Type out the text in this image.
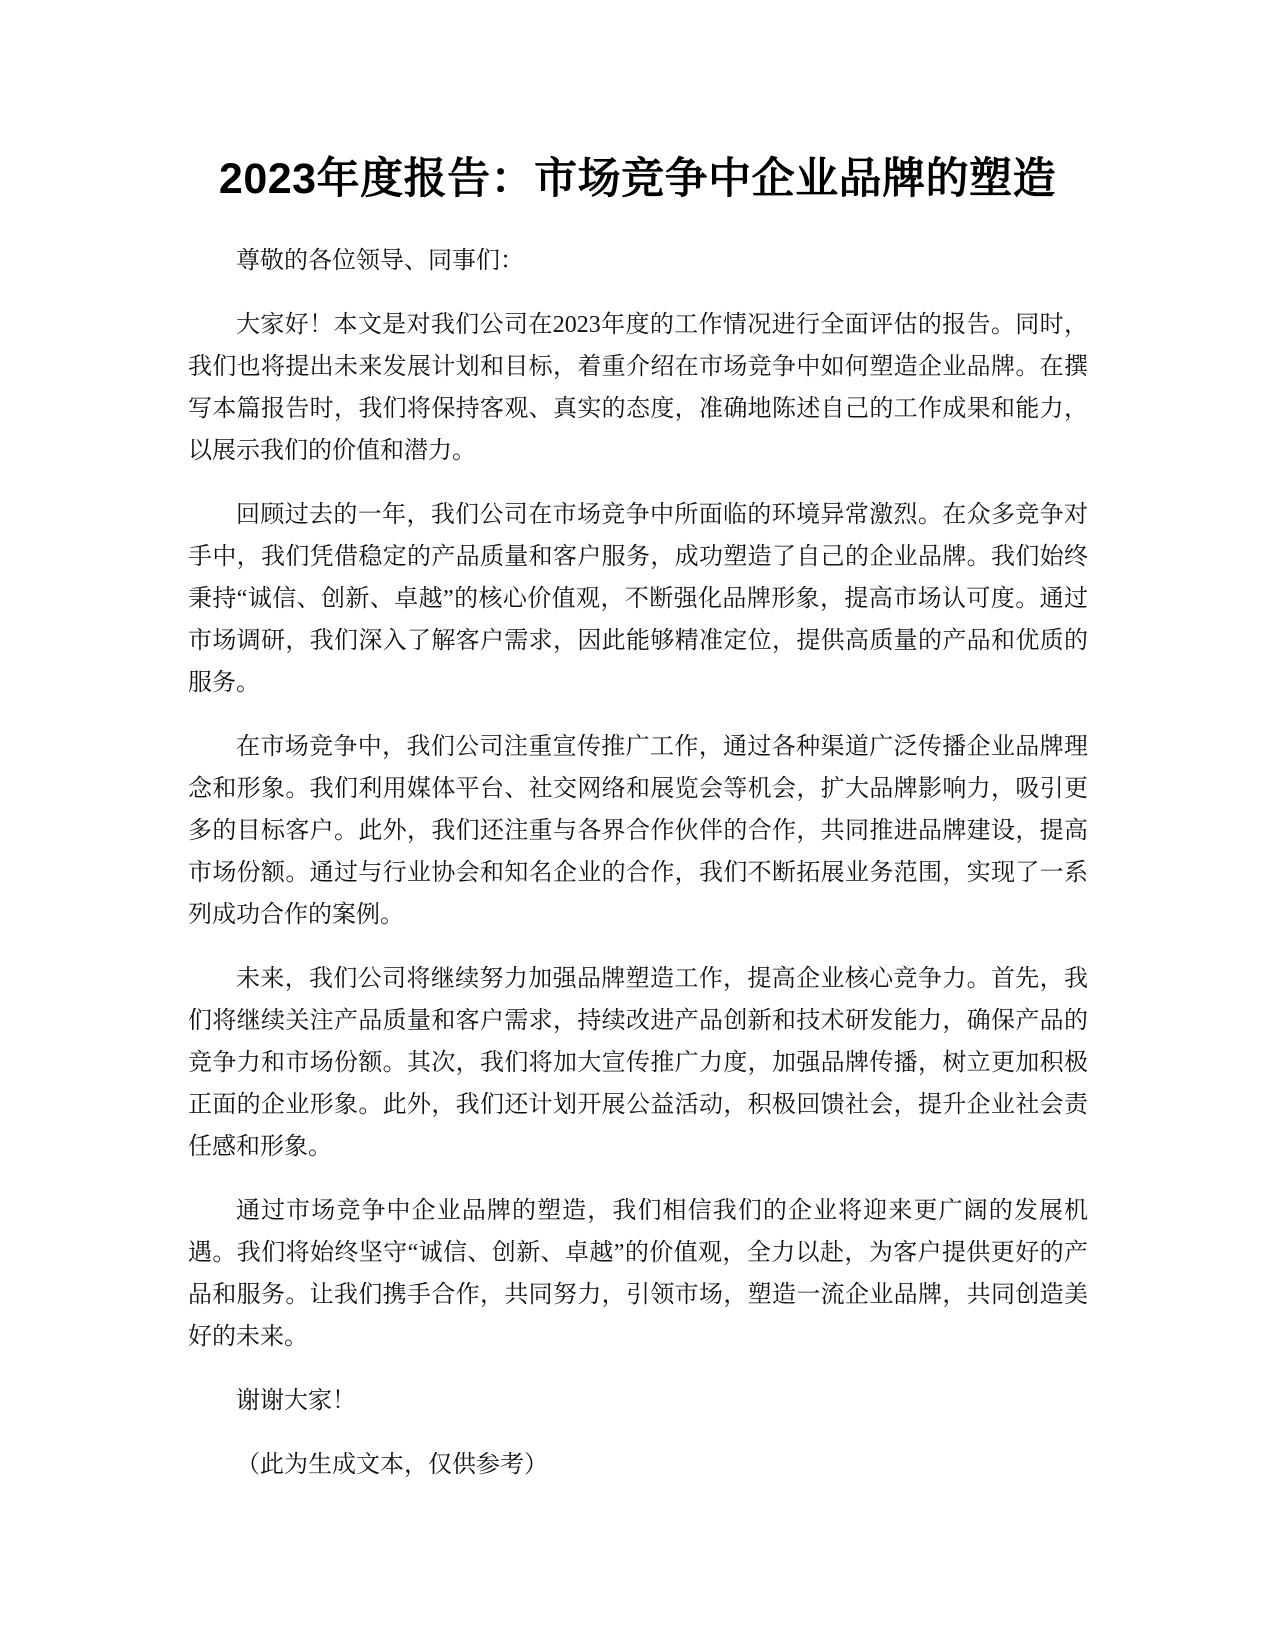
2023年度报告：市场竞争中企业品牌的塑造

尊敬的各位领导、同事们：

大家好！本文是对我们公司在2023年度的工作情况进行全面评估的报告。同时，我们也将提出未来发展计划和目标，着重介绍在市场竞争中如何塑造企业品牌。在撰写本篇报告时，我们将保持客观、真实的态度，准确地陈述自己的工作成果和能力，以展示我们的价值和潜力。

回顾过去的一年，我们公司在市场竞争中所面临的环境异常激烈。在众多竞争对手中，我们凭借稳定的产品质量和客户服务，成功塑造了自己的企业品牌。我们始终秉持“诚信、创新、卓越”的核心价值观，不断强化品牌形象，提高市场认可度。通过市场调研，我们深入了解客户需求，因此能够精准定位，提供高质量的产品和优质的服务。

在市场竞争中，我们公司注重宣传推广工作，通过各种渠道广泛传播企业品牌理念和形象。我们利用媒体平台、社交网络和展览会等机会，扩大品牌影响力，吸引更多的目标客户。此外，我们还注重与各界合作伙伴的合作，共同推进品牌建设，提高市场份额。通过与行业协会和知名企业的合作，我们不断拓展业务范围，实现了一系列成功合作的案例。

未来，我们公司将继续努力加强品牌塑造工作，提高企业核心竞争力。首先，我们将继续关注产品质量和客户需求，持续改进产品创新和技术研发能力，确保产品的竞争力和市场份额。其次，我们将加大宣传推广力度，加强品牌传播，树立更加积极正面的企业形象。此外，我们还计划开展公益活动，积极回馈社会，提升企业社会责任感和形象。

通过市场竞争中企业品牌的塑造，我们相信我们的企业将迎来更广阔的发展机遇。我们将始终坚守“诚信、创新、卓越”的价值观，全力以赴，为客户提供更好的产品和服务。让我们携手合作，共同努力，引领市场，塑造一流企业品牌，共同创造美好的未来。

谢谢大家！

（此为生成文本，仅供参考）
